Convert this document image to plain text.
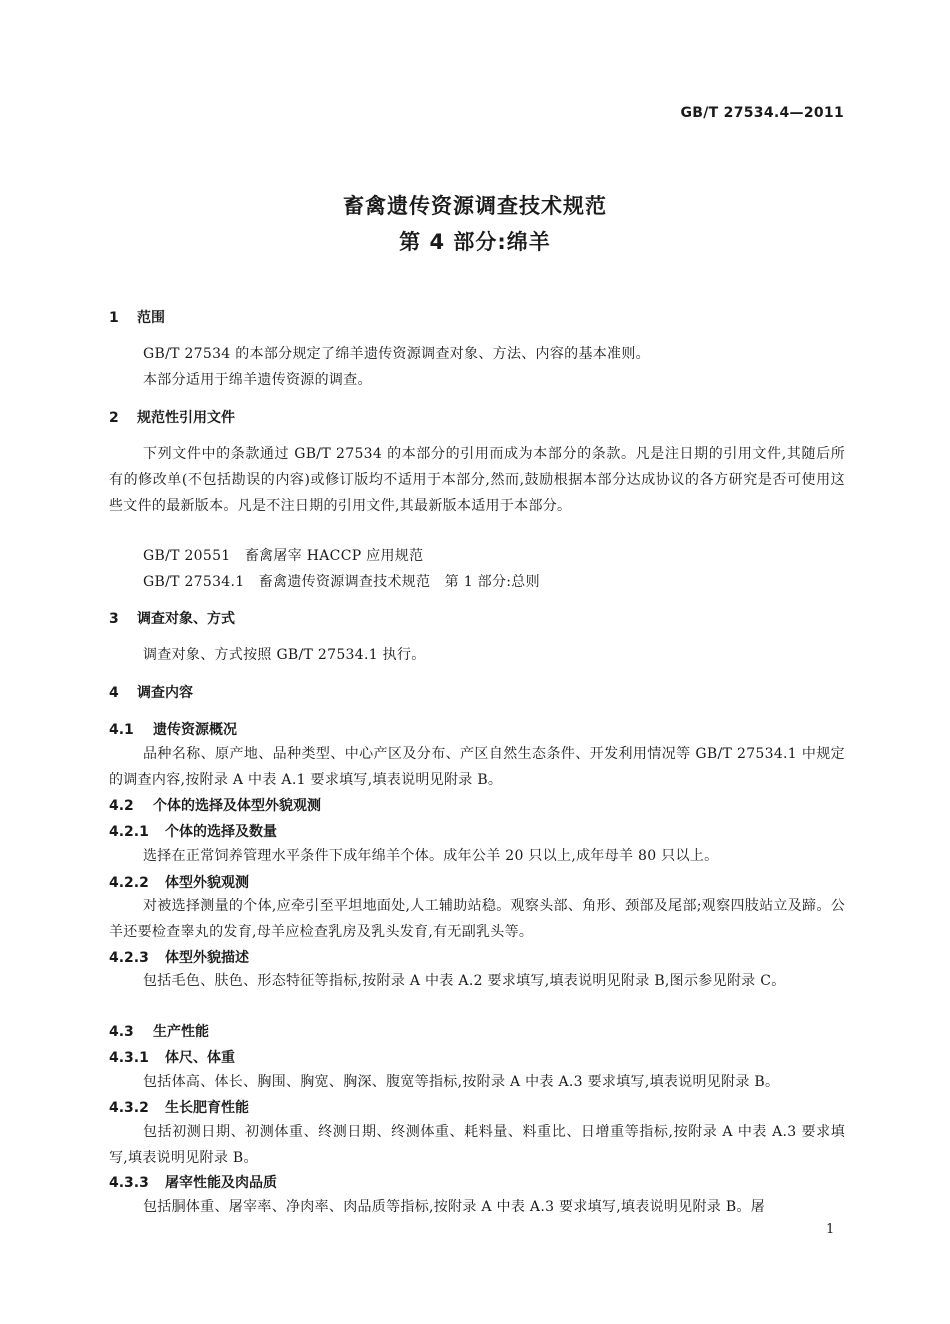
GB/T 27534.4—2011
畜禽遗传资源调查技术规范
第 4 部分:绵羊
1 范围
GB/T 27534 的本部分规定了绵羊遗传资源调查对象、方法、内容的基本准则。
本部分适用于绵羊遗传资源的调查。
2 规范性引用文件
下列文件中的条款通过 GB/T 27534 的本部分的引用而成为本部分的条款。凡是注日期的引用文件,其随后所有的修改单(不包括勘误的内容)或修订版均不适用于本部分,然而,鼓励根据本部分达成协议的各方研究是否可使用这些文件的最新版本。凡是不注日期的引用文件,其最新版本适用于本部分。
GB/T 20551　畜禽屠宰 HACCP 应用规范
GB/T 27534.1　畜禽遗传资源调查技术规范　第 1 部分:总则
3 调查对象、方式
调查对象、方式按照 GB/T 27534.1 执行。
4 调查内容
4.1 遗传资源概况
品种名称、原产地、品种类型、中心产区及分布、产区自然生态条件、开发利用情况等 GB/T 27534.1 中规定的调查内容,按附录 A 中表 A.1 要求填写,填表说明见附录 B。
4.2 个体的选择及体型外貌观测
4.2.1 个体的选择及数量
选择在正常饲养管理水平条件下成年绵羊个体。成年公羊 20 只以上,成年母羊 80 只以上。
4.2.2 体型外貌观测
对被选择测量的个体,应牵引至平坦地面处,人工辅助站稳。观察头部、角形、颈部及尾部;观察四肢站立及蹄。公羊还要检查睾丸的发育,母羊应检查乳房及乳头发育,有无副乳头等。
4.2.3 体型外貌描述
包括毛色、肤色、形态特征等指标,按附录 A 中表 A.2 要求填写,填表说明见附录 B,图示参见附录 C。
4.3 生产性能
4.3.1 体尺、体重
包括体高、体长、胸围、胸宽、胸深、腹宽等指标,按附录 A 中表 A.3 要求填写,填表说明见附录 B。
4.3.2 生长肥育性能
包括初测日期、初测体重、终测日期、终测体重、耗料量、料重比、日增重等指标,按附录 A 中表 A.3 要求填写,填表说明见附录 B。
4.3.3 屠宰性能及肉品质
包括胴体重、屠宰率、净肉率、肉品质等指标,按附录 A 中表 A.3 要求填写,填表说明见附录 B。屠
1
